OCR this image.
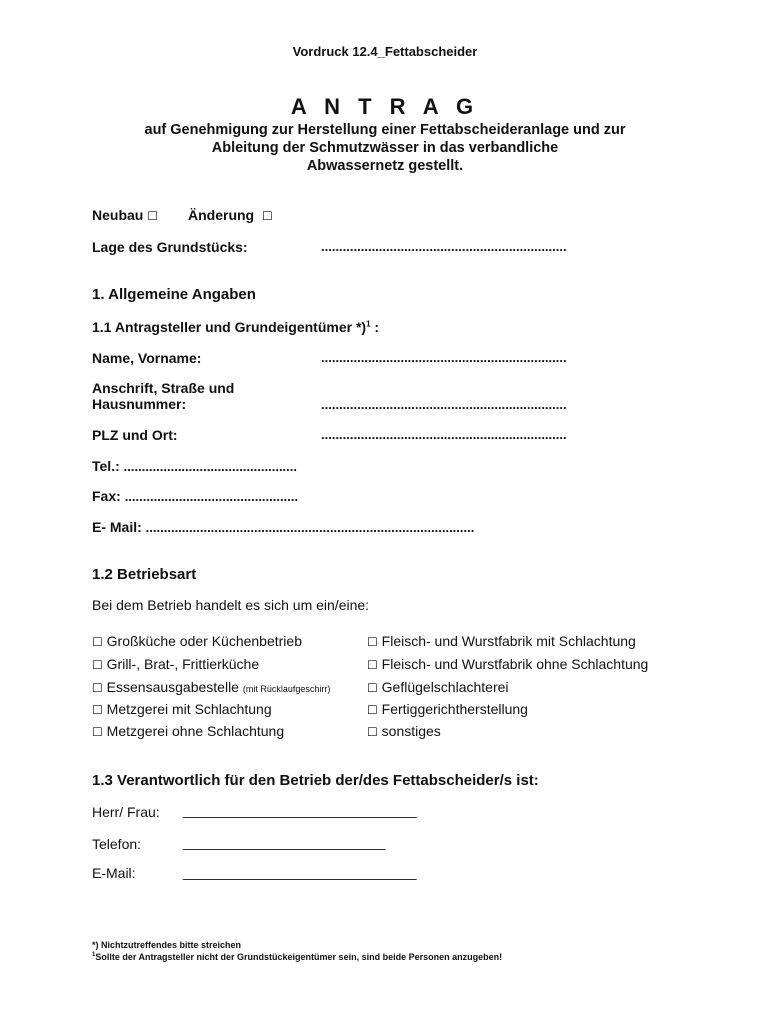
Vordruck 12.4_Fettabscheider
A N T R A G
auf Genehmigung zur Herstellung einer Fettabscheideranlage und zur
Ableitung der Schmutzwässer in das verbandliche
Abwassernetz gestellt.
Neubau ☐ Änderung ☐
Lage des Grundstücks:	....................................................................
1. Allgemeine Angaben
1.1 Antragsteller und Grundeigentümer *)$^1$ :
Name, Vorname:	....................................................................
Anschrift, Straße und
Hausnummer:	....................................................................
PLZ und Ort:	....................................................................
Tel.: ................................................
Fax: ................................................
E- Mail: ...........................................................................................
1.2 Betriebsart
Bei dem Betrieb handelt es sich um ein/eine:
☐ Großküche oder Küchenbetrieb
☐ Grill-, Brat-, Frittierküche
☐ Essensausgabestelle (mit Rücklaufgeschirr)
☐ Metzgerei mit Schlachtung
☐ Metzgerei ohne Schlachtung
☐ Fleisch- und Wurstfabrik mit Schlachtung
☐ Fleisch- und Wurstfabrik ohne Schlachtung
☐ Geflügelschlachterei
☐ Fertiggerichtherstellung
☐ sonstiges
1.3 Verantwortlich für den Betrieb der/des Fettabscheider/s ist:
Herr/ Frau: ______________________________
Telefon:	__________________________
E-Mail:	______________________________
*) Nichtzutreffendes bitte streichen
$^1$Sollte der Antragsteller nicht der Grundstückeigentümer sein, sind beide Personen anzugeben!
